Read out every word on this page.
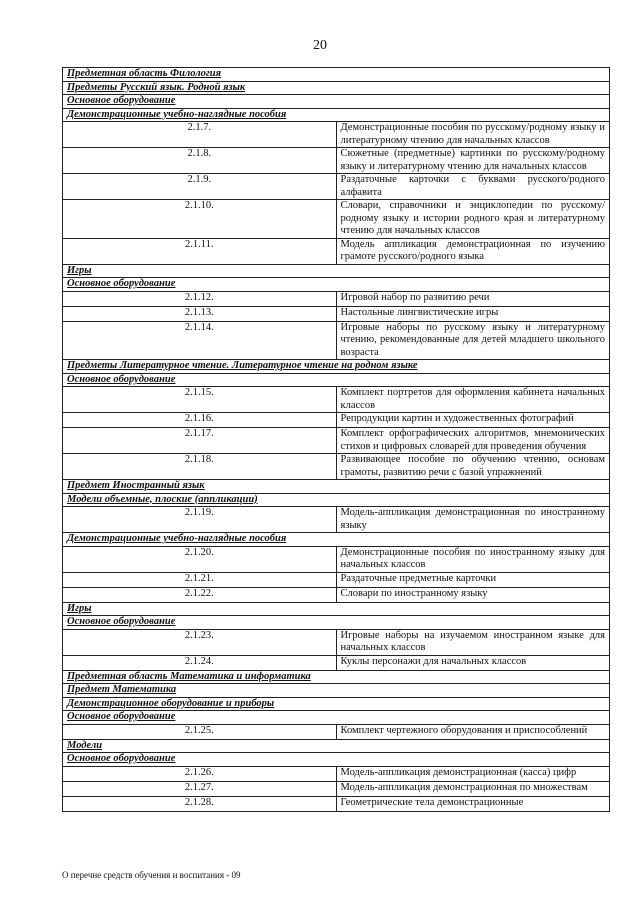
20
Предметная область Филология	
Предметы Русский язык. Родной язык	
Основное оборудование	
Демонстрационные учебно-наглядные пособия	
2.1.7.	Демонстрационные пособия по русскому/родному языку и литературному чтению для начальных классов
2.1.8.	Сюжетные (предметные) картинки по русскому/родному языку и литературному чтению для начальных классов
2.1.9.	Раздаточные карточки с буквами русского/родного алфавита
2.1.10.	Словари, справочники и энциклопедии по русскому/родному языку и истории родного края и литературному чтению для начальных классов
2.1.11.	Модель аппликация демонстрационная по изучению грамоте русского/родного языка
Игры	
Основное оборудование	
2.1.12.	Игровой набор по развитию речи
2.1.13.	Настольные лингвистические игры
2.1.14.	Игровые наборы по русскому языку и литературному чтению, рекомендованные для детей младшего школьного возраста
Предметы Литературное чтение. Литературное чтение на родном языке	
Основное оборудование	
2.1.15.	Комплект портретов для оформления кабинета начальных классов
2.1.16.	Репродукции картин и художественных фотографий
2.1.17.	Комплект орфографических алгоритмов, мнемонических стихов и цифровых словарей для проведения обучения
2.1.18.	Развивающее пособие по обучению чтению, основам грамоты, развитию речи с базой упражнений
Предмет Иностранный язык	
Модели объемные, плоские (аппликации)	
2.1.19.	Модель-аппликация демонстрационная по иностранному языку
Демонстрационные учебно-наглядные пособия	
2.1.20.	Демонстрационные пособия по иностранному языку для начальных классов
2.1.21.	Раздаточные предметные карточки
2.1.22.	Словари по иностранному языку
Игры	
Основное оборудование	
2.1.23.	Игровые наборы на изучаемом иностранном языке для начальных классов
2.1.24.	Куклы персонажи для начальных классов
Предметная область Математика и информатика	
Предмет Математика	
Демонстрационное оборудование и приборы	
Основное оборудование	
2.1.25.	Комплект чертежного оборудования и приспособлений
Модели	
Основное оборудование	
2.1.26.	Модель-аппликация демонстрационная (касса) цифр
2.1.27.	Модель-аппликация демонстрационная по множествам
2.1.28.	Геометрические тела демонстрационные
О перечне средств обучения и воспитания - 09
